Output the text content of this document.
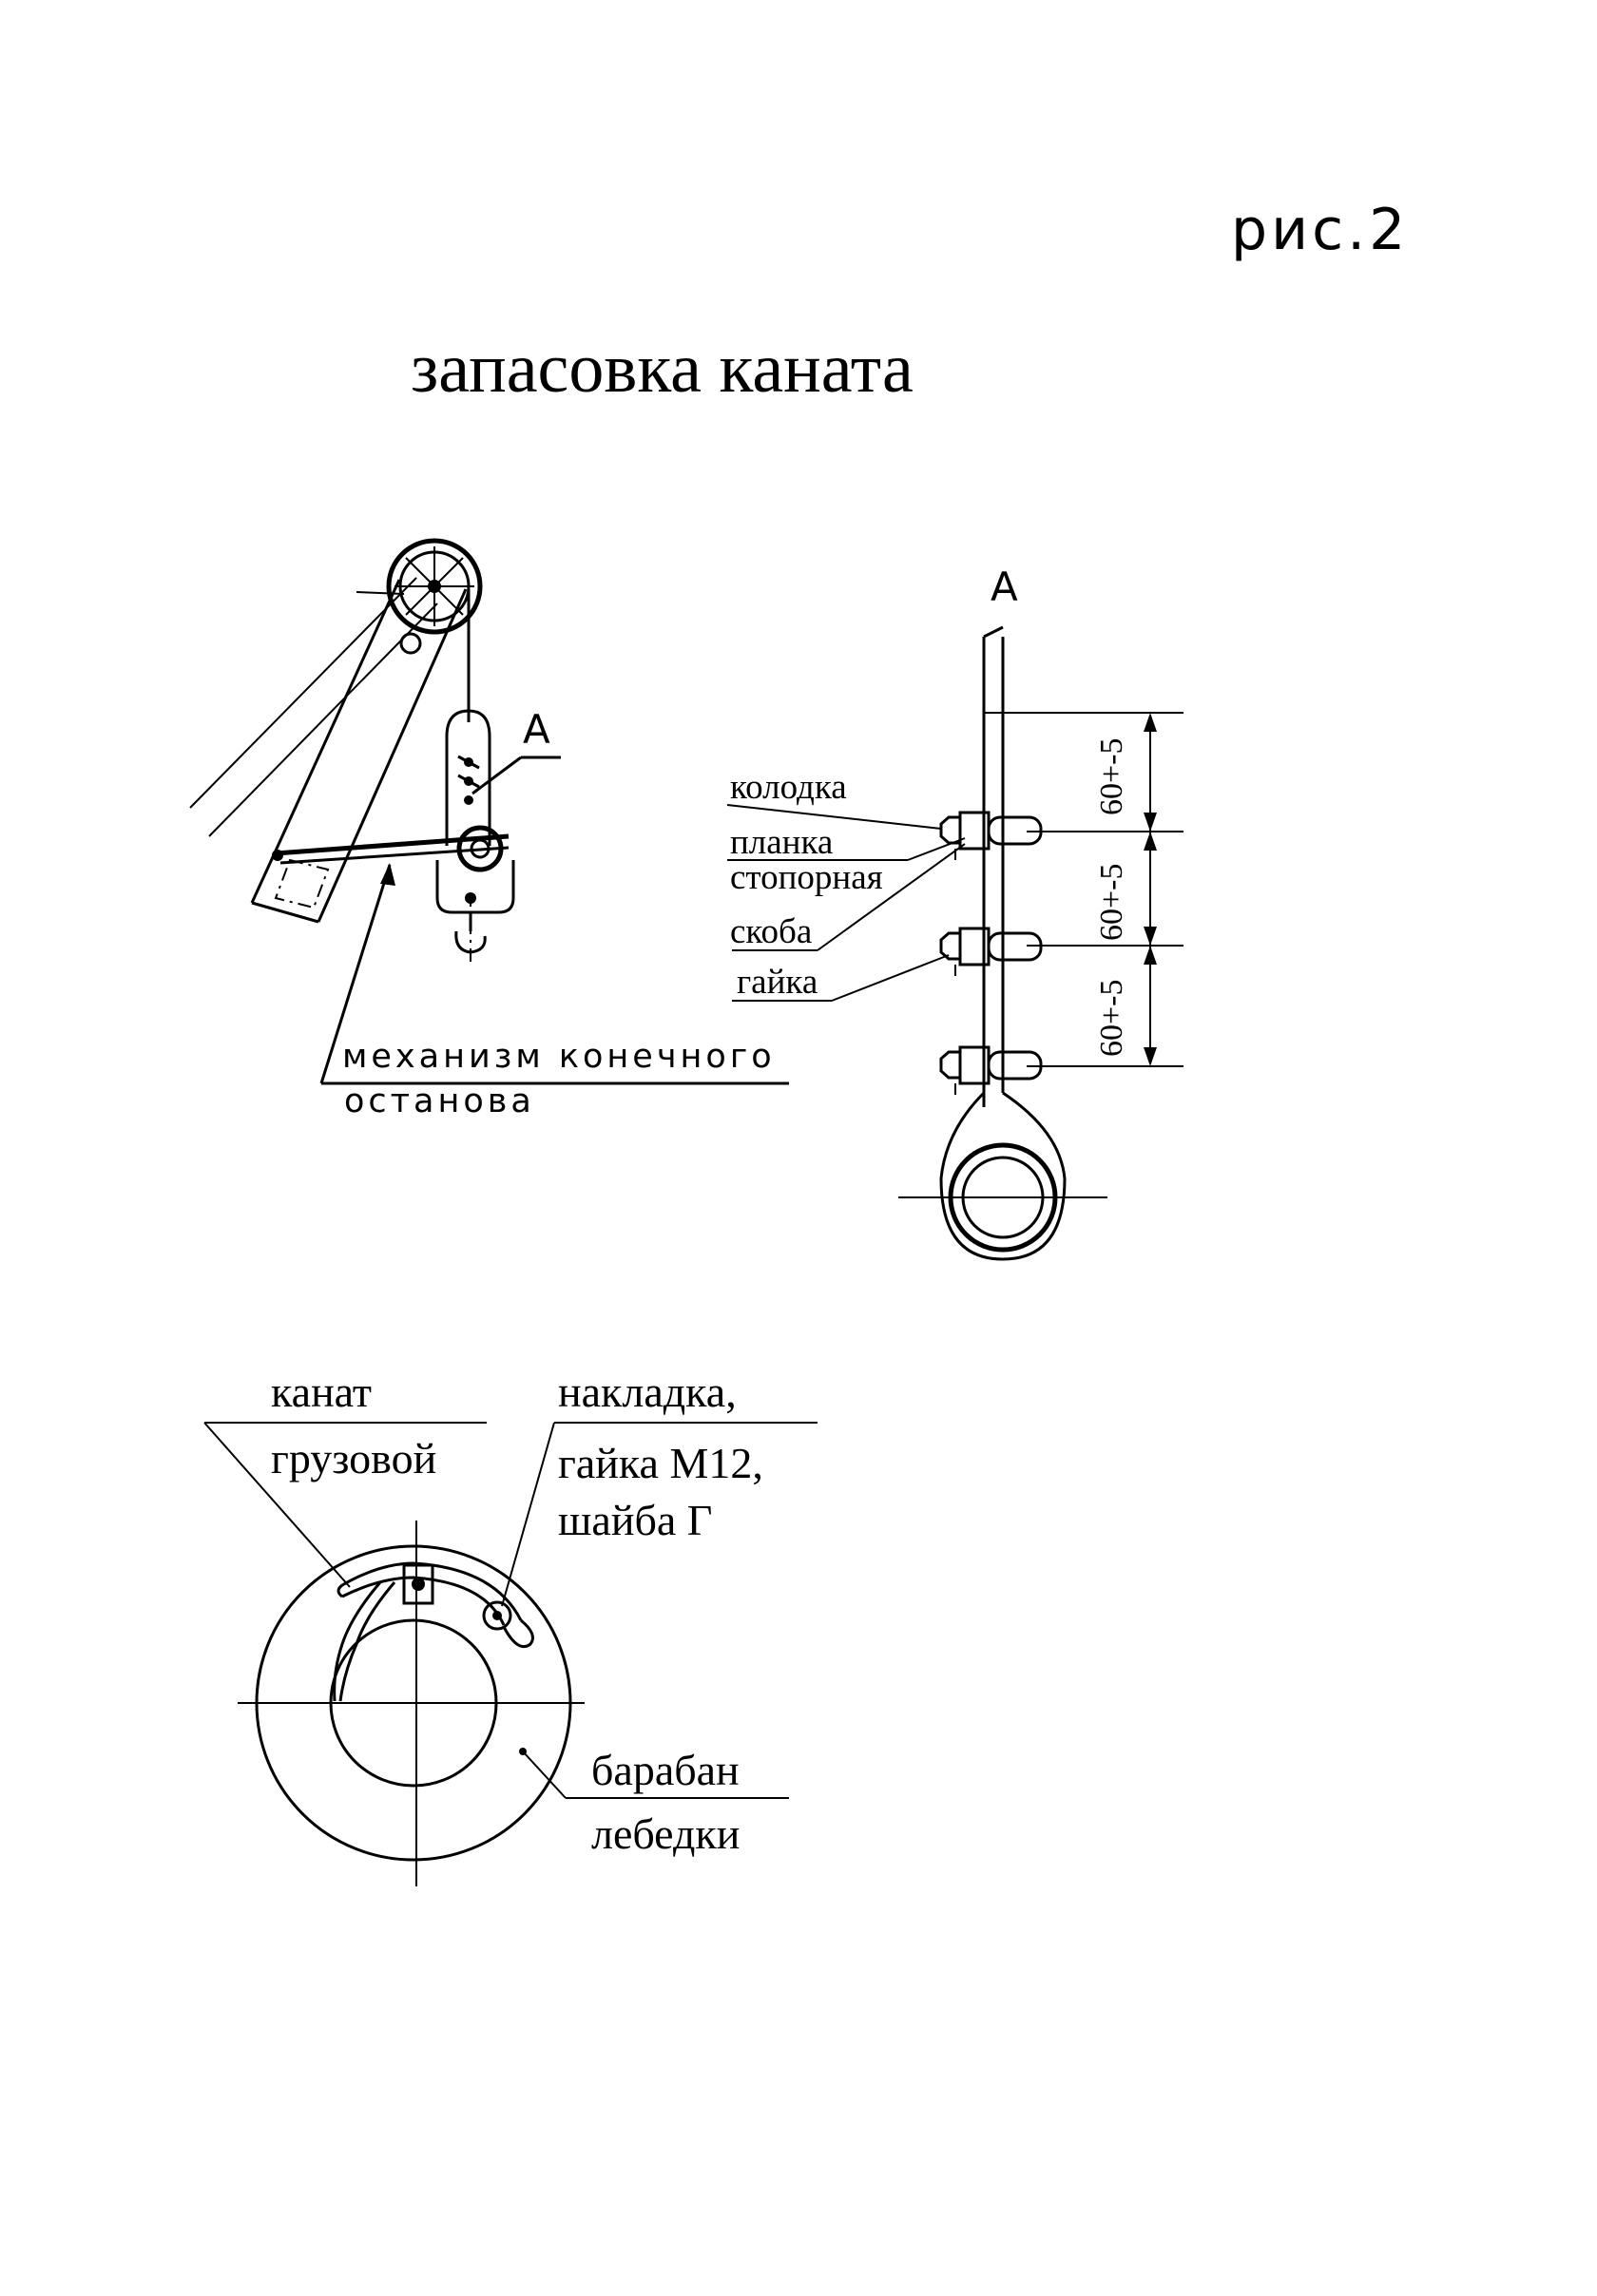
рис.2
запасовка каната
А
механизм конечного
останова
А
колодка
планка
стопорная
скоба
гайка
60+-5
60+-5
60+-5
канат
грузовой
накладка,
гайка М12,
шайба Г
барабан
лебедки
